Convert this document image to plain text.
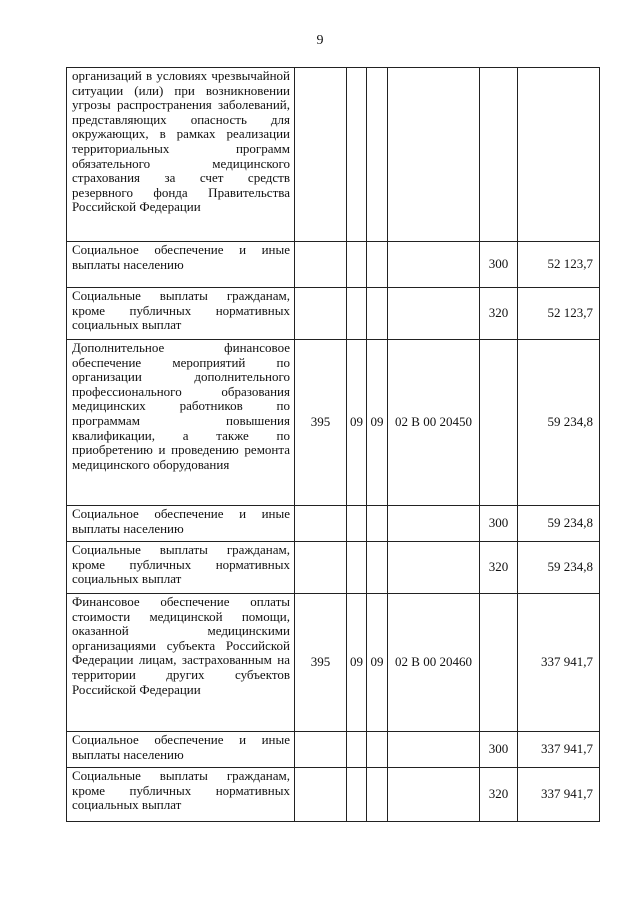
9
организаций в условиях чрезвычайной ситуации (или) при возникновении угрозы распространения заболеваний, представляющих опасность для окружающих, в рамках реализации территориальных программ обязательного медицинского страхования за счет средств резервного фонда Правительства Российской Федерации						
Социальное обеспечение и иные выплаты населению					300	52 123,7
Социальные выплаты гражданам, кроме публичных нормативных социальных выплат					320	52 123,7
Дополнительное финансовое обеспечение мероприятий по организации дополнительного профессионального образования медицинских работников по программам повышения квалификации, а также по приобретению и проведению ремонта медицинского оборудования	395	09	09	02 В 00 20450		59 234,8
Социальное обеспечение и иные выплаты населению					300	59 234,8
Социальные выплаты гражданам, кроме публичных нормативных социальных выплат					320	59 234,8
Финансовое обеспечение оплаты стоимости медицинской помощи, оказанной медицинскими организациями субъекта Российской Федерации лицам, застрахованным на территории других субъектов Российской Федерации	395	09	09	02 В 00 20460		337 941,7
Социальное обеспечение и иные выплаты населению					300	337 941,7
Социальные выплаты гражданам, кроме публичных нормативных социальных выплат					320	337 941,7
